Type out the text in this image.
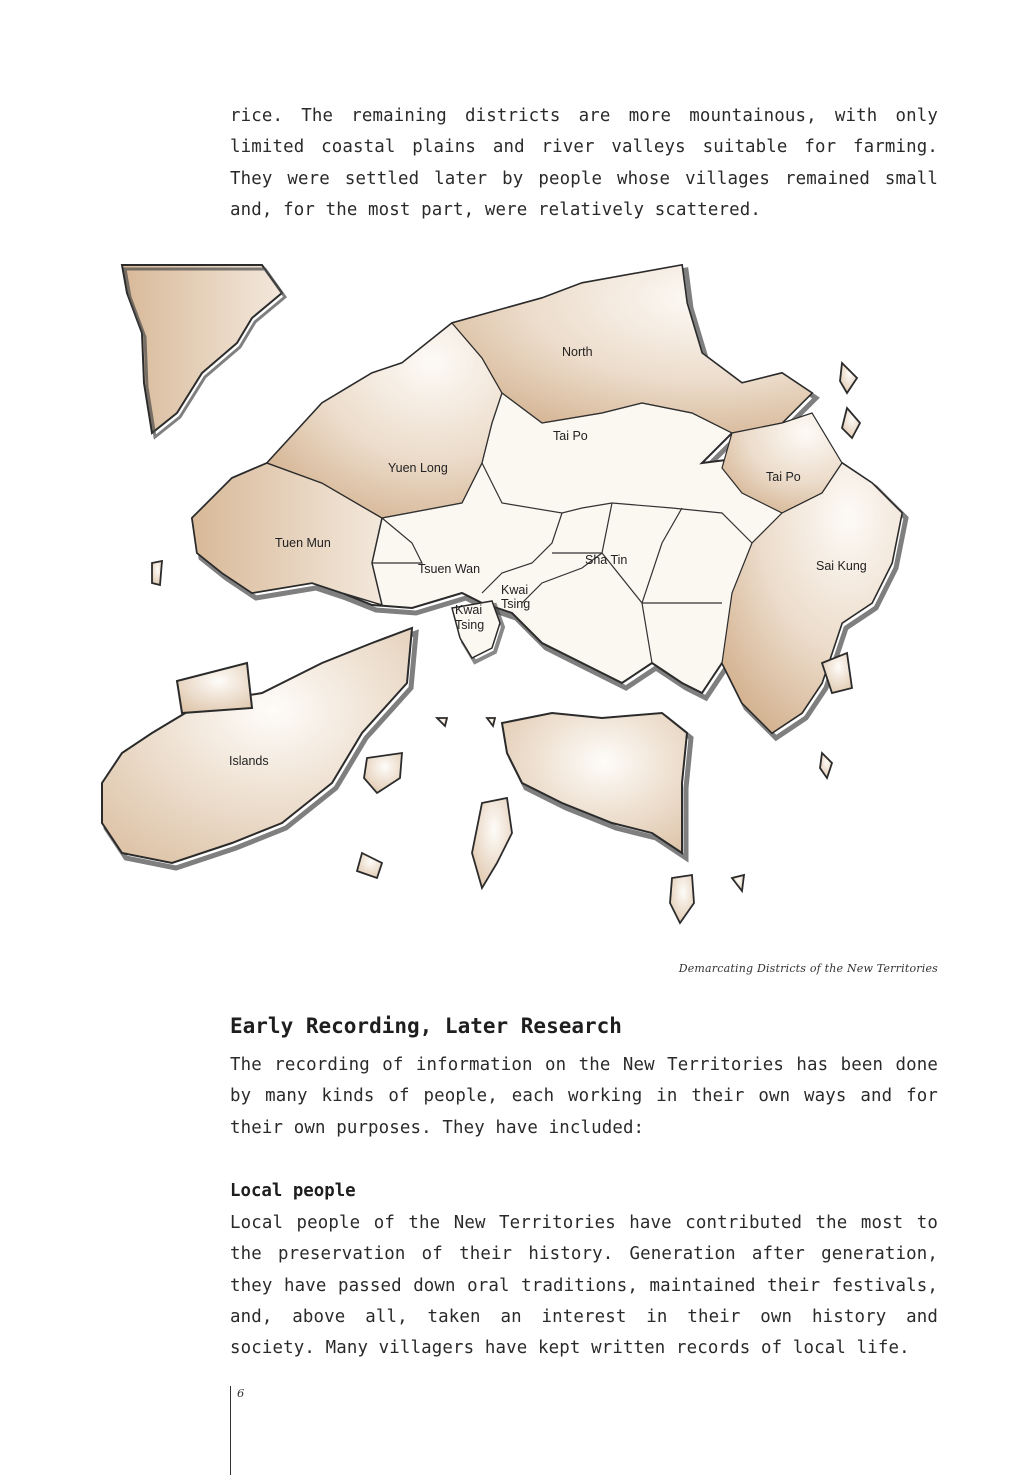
rice. The remaining districts are more mountainous, with only limited coastal plains and river valleys suitable for farming. They were settled later by people whose villages remained small and, for the most part, were relatively scattered.

North
Tai Po
Tai Po
Yuen Long
Tuen Mun
Tsuen Wan
Sha Tin	Sai Kung
Kwai
Tsing
Kwai
Tsing
Islands
Demarcating Districts of the New Territories
Early Recording, Later Research

The recording of information on the New Territories has been done by many kinds of people, each working in their own ways and for their own purposes. They have included:

Local people

Local people of the New Territories have contributed the most to the preservation of their history. Generation after generation, they have passed down oral traditions, maintained their festivals, and, above all, taken an interest in their own history and society. Many villagers have kept written records of local life.

6
